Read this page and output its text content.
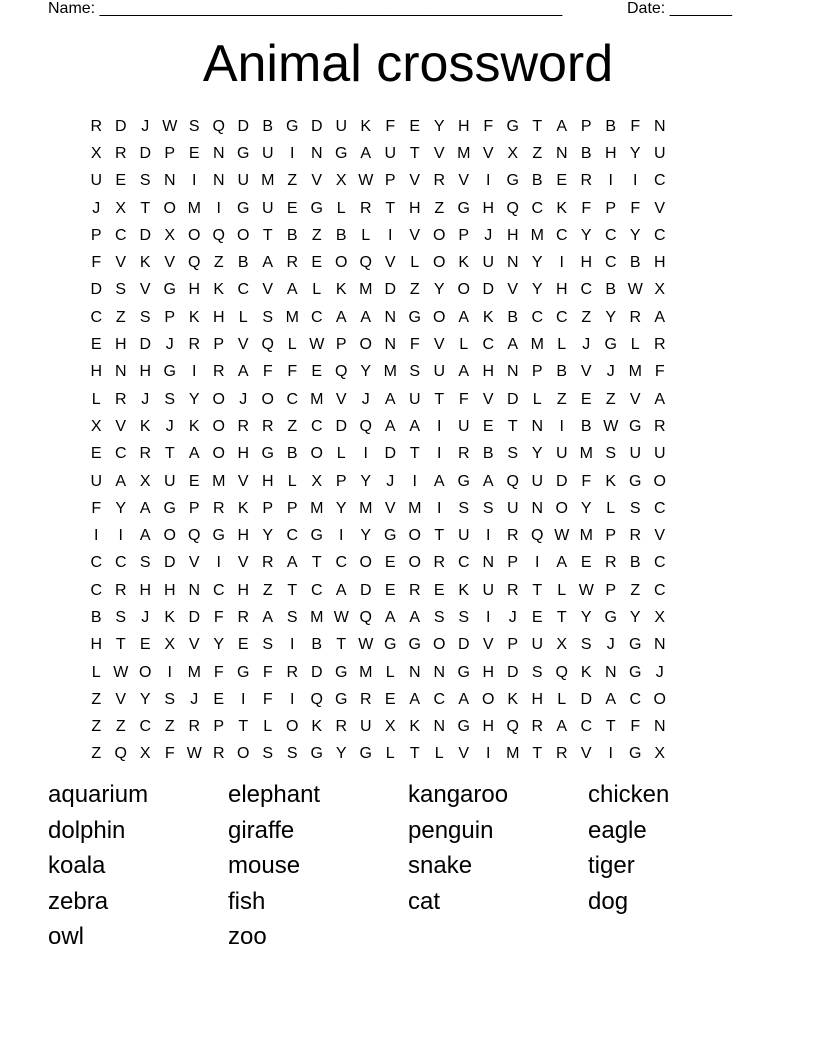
Name: ____________________________________________________	Date: _______
Animal crossword
R D J W S Q D B G D U K F E Y H F G T A P B F N
X R D P E N G U	I	N G A U T V M V X Z N B H Y U
U E S N	I	N U M Z V X W P V R V	I	G B E R	I	I	C
J X T O M I	G U E G L R T H Z G H Q C K F P F V
P C D X O Q O T B Z B L	I	V O P J H M C Y C Y C
F V K V Q Z B A R E O Q V L O K U N Y	I	H C B H
D S V G H K C V A L K M D Z Y O D V Y H C B W X
C Z S P K H L S M C A A N G O A K B C C Z Y R A
E H D J R P V Q L W P O N F V L C A M L	J G L R
H N H G	I	R A F F E Q Y M S U A H N P B V J M F
L R J S Y O J O C M V J A U T F V D L Z E Z V A
X V K J K O R R Z C D Q A A	I	U E T N	I	B W G R
E C R T A O H G B O L	I	D T	I	R B S Y U M S U U
U A X U E M V H L X P Y J	I	A G A Q U D F K G O
F Y A G P R K P P M Y M V M I	S S U N O Y L S C
I	I	A O Q G H Y C G	I	Y G O T U	I	R Q W M P R V
C C S D V	I	V R A T C O E O R C N P	I	A E R B C
C R H H N C H Z T C A D E R E K U R T L W P Z C
B S J K D F R A S M W Q A A S S	I	J E T Y G Y X
H T E X V Y E S	I	B T W G G O D V P U X S J G N
L W O	I M F G F R D G M L N N G H D S Q K N G J
Z V Y S J E	I	F	I	Q G R E A C A O K H L D A C O
Z Z C Z R P T L O K R U X K N G H Q R A C T F N
Z Q X F W R O S S G Y G L T L V	I M T R V	I	G X
aquarium	elephant	kangaroo	chicken
dolphin	giraffe	penguin	eagle
koala	mouse	snake	tiger
zebra	fish	cat	dog
owl	zoo
